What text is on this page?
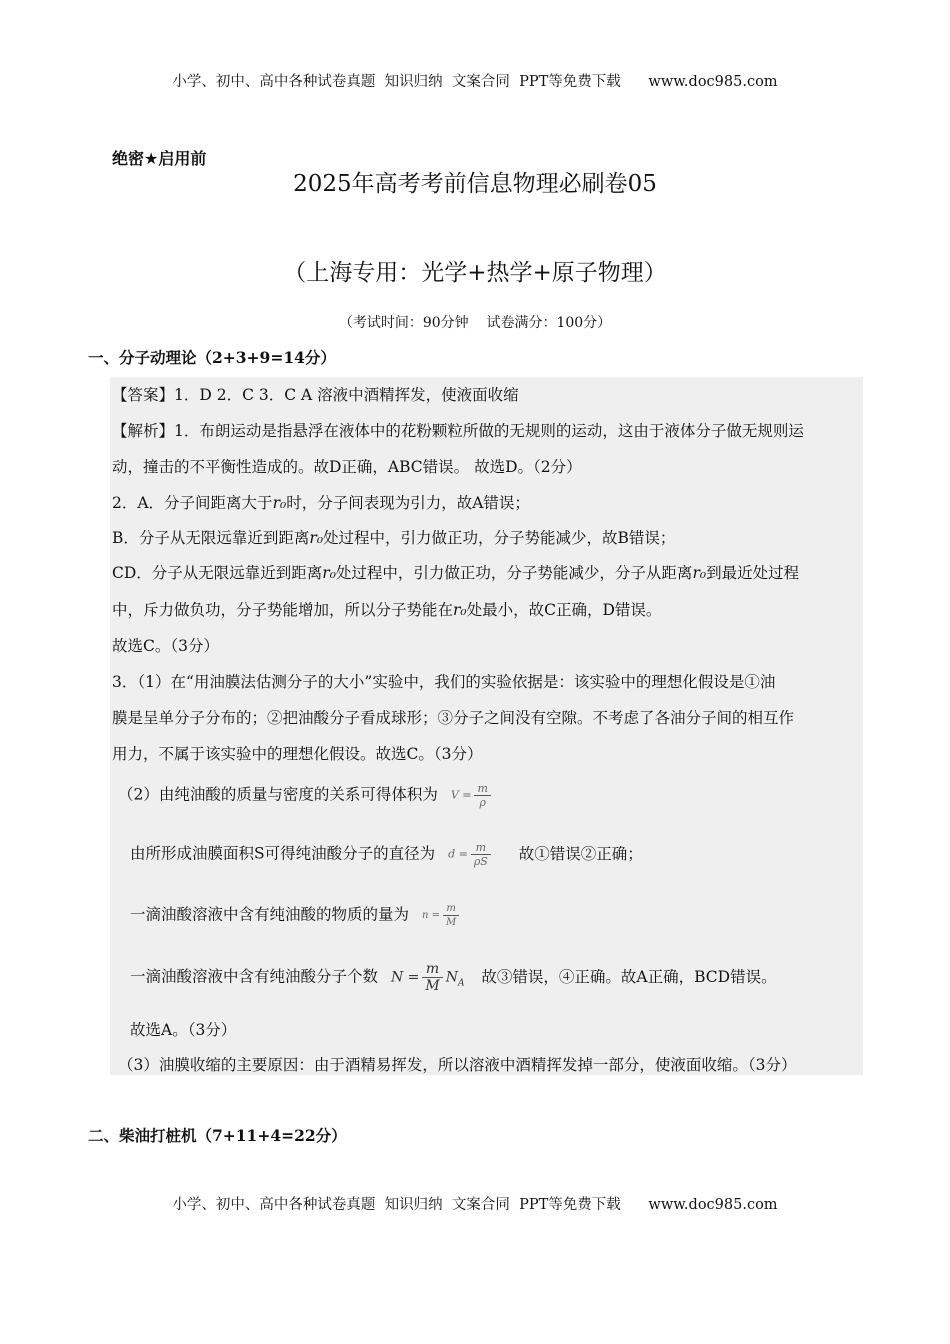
小学、初中、高中各种试卷真题  知识归纳  文案合同  PPT等免费下载      www.doc985.com
绝密★启用前
2025年高考考前信息物理必刷卷05
（上海专用：光学+热学+原子物理）
（考试时间：90分钟    试卷满分：100分）
一、分子动理论（2+3+9=14分）
【答案】1．D 2．C 3．C A 溶液中酒精挥发，使液面收缩
【解析】1．布朗运动是指悬浮在液体中的花粉颗粒所做的无规则的运动，这由于液体分子做无规则运
动，撞击的不平衡性造成的。故D正确，ABC错误。 故选D。（2分）
2．A．分子间距离大于r₀时，分子间表现为引力，故A错误；
B．分子从无限远靠近到距离r₀处过程中，引力做正功，分子势能减少，故B错误；
CD．分子从无限远靠近到距离r₀处过程中，引力做正功，分子势能减少，分子从距离r₀到最近处过程
中，斥力做负功，分子势能增加，所以分子势能在r₀处最小，故C正确，D错误。
故选C。（3分）
3．（1）在“用油膜法估测分子的大小”实验中，我们的实验依据是：该实验中的理想化假设是①油
膜是呈单分子分布的；②把油酸分子看成球形；③分子之间没有空隙。不考虑了各油分子间的相互作
用力，不属于该实验中的理想化假设。故选C。（3分）
（2）由纯油酸的质量与密度的关系可得体积为 $V = \frac{m}{\rho}$
由所形成油膜面积S可得纯油酸分子的直径为 $d = \frac{m}{\rho S}$ 故①错误②正确；
一滴油酸溶液中含有纯油酸的物质的量为 $n = \frac{m}{M}$
一滴油酸溶液中含有纯油酸分子个数 $N = \frac{m}{M} N_A$ 故③错误，④正确。故A正确，BCD错误。
故选A。（3分）
（3）油膜收缩的主要原因：由于酒精易挥发，所以溶液中酒精挥发掉一部分，使液面收缩。（3分）
二、柴油打桩机（7+11+4=22分）
小学、初中、高中各种试卷真题  知识归纳  文案合同  PPT等免费下载      www.doc985.com
